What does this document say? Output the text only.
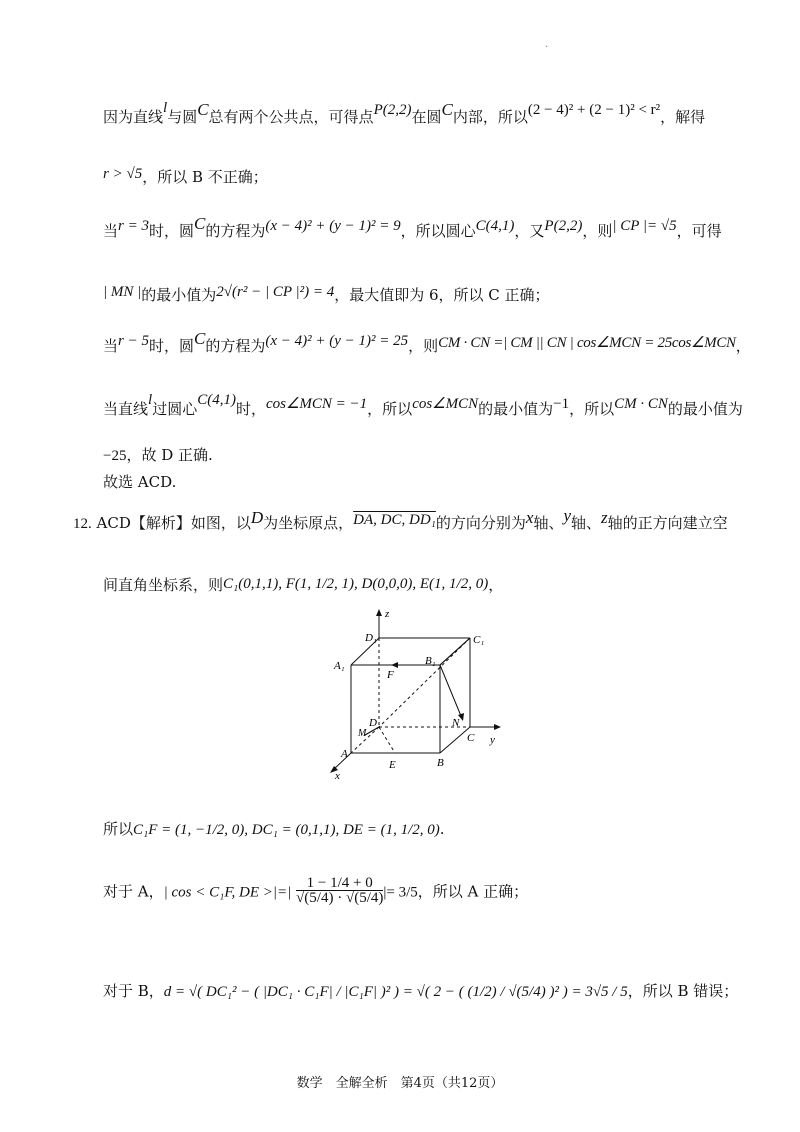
·
因为直线l与圆C总有两个公共点，可得点P(2,2)在圆C内部，所以(2 − 4)² + (2 − 1)² < r²，解得
r > √5，所以 B 不正确；
当r = 3时，圆C的方程为(x − 4)² + (y − 1)² = 9，所以圆心C(4,1)，又P(2,2)，则| CP |= √5，可得
| MN |的最小值为2√(r² − | CP |²) = 4，最大值即为 6，所以 C 正确；
当r − 5时，圆C的方程为(x − 4)² + (y − 1)² = 25，则CM · CN =| CM || CN | cos∠MCN = 25cos∠MCN，
当直线l过圆心C(4,1)时，cos∠MCN = −1，所以cos∠MCN的最小值为−1，所以CM · CN的最小值为
−25，故 D 正确.
故选 ACD.
12. ACD【解析】如图，以D为坐标原点，DA, DC, DD₁的方向分别为x轴、y轴、z轴的正方向建立空
间直角坐标系，则C₁(0,1,1), F(1, 1/2, 1), D(0,0,0), E(1, 1/2, 0)，
z
D₁	C₁
A₁	B₁
F
D
M
N
C y
A
E	B
x
所以C₁F = (1, −1/2, 0), DC₁ = (0,1,1), DE = (1, 1/2, 0).
对于 A，| cos < C₁F, DE >|=| $\frac{1 - 1/4 + 0}{√(5/4) \cdot √(5/4)}$ |= 3/5，所以 A 正确；
对于 B，d = √( DC₁² − ( |DC₁ · C₁F| / |C₁F| )² ) = √( 2 − ( (1/2) / √(5/4) )² ) = 3√5 / 5，所以 B 错误；
数学　全解全析　第4页（共12页）
